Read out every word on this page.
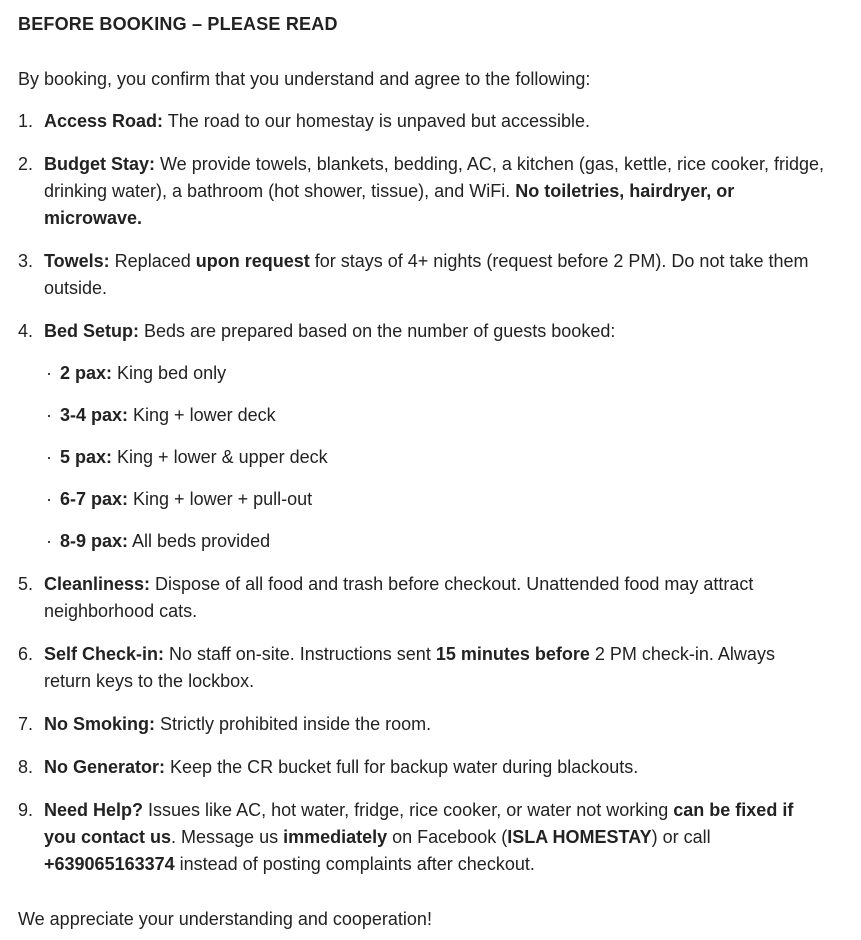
BEFORE BOOKING – PLEASE READ

By booking, you confirm that you understand and agree to the following:

1. Access Road: The road to our homestay is unpaved but accessible.
2. Budget Stay: We provide towels, blankets, bedding, AC, a kitchen (gas, kettle, rice cooker, fridge, drinking water), a bathroom (hot shower, tissue), and WiFi. No toiletries, hairdryer, or microwave.
3. Towels: Replaced upon request for stays of 4+ nights (request before 2 PM). Do not take them outside.
4. Bed Setup: Beds are prepared based on the number of guests booked:
· 2 pax: King bed only
· 3-4 pax: King + lower deck
· 5 pax: King + lower & upper deck
· 6-7 pax: King + lower + pull-out
· 8-9 pax: All beds provided
5. Cleanliness: Dispose of all food and trash before checkout. Unattended food may attract neighborhood cats.
6. Self Check-in: No staff on-site. Instructions sent 15 minutes before 2 PM check-in. Always return keys to the lockbox.
7. No Smoking: Strictly prohibited inside the room.
8. No Generator: Keep the CR bucket full for backup water during blackouts.
9. Need Help? Issues like AC, hot water, fridge, rice cooker, or water not working can be fixed if you contact us. Message us immediately on Facebook (ISLA HOMESTAY) or call +639065163374 instead of posting complaints after checkout.

We appreciate your understanding and cooperation!
